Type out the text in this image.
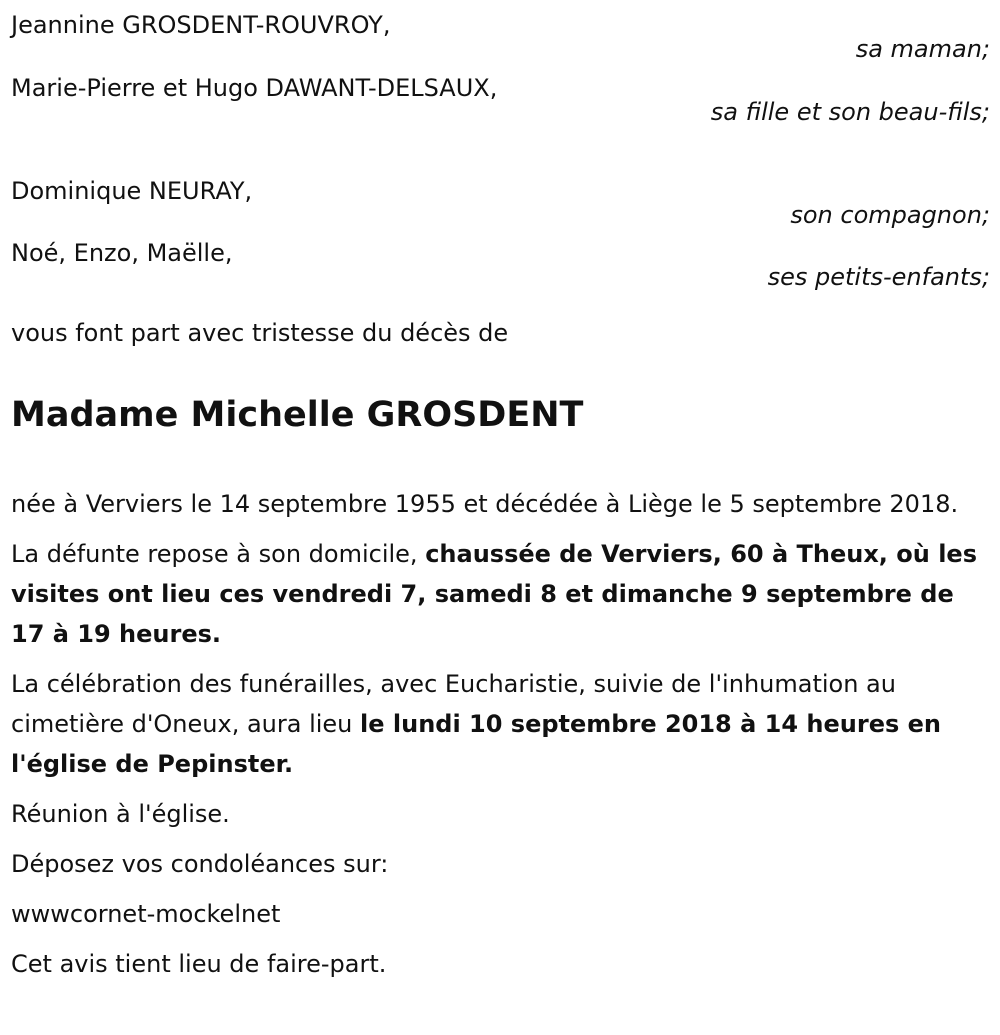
Jeannine GROSDENT-ROUVROY,
sa maman;
Marie-Pierre et Hugo DAWANT-DELSAUX,
sa fille et son beau-fils;
Dominique NEURAY,
son compagnon;
Noé, Enzo, Maëlle,
ses petits-enfants;
vous font part avec tristesse du décès de
Madame Michelle GROSDENT

née à Verviers le 14 septembre 1955 et décédée à Liège le 5 septembre 2018.

La défunte repose à son domicile, chaussée de Verviers, 60 à Theux, où les visites ont lieu ces vendredi 7, samedi 8 et dimanche 9 septembre de 17 à 19 heures.

La célébration des funérailles, avec Eucharistie, suivie de l'inhumation au cimetière d'Oneux, aura lieu le lundi 10 septembre 2018 à 14 heures en l'église de Pepinster.

Réunion à l'église.

Déposez vos condoléances sur:

wwwcornet-mockelnet

Cet avis tient lieu de faire-part.
